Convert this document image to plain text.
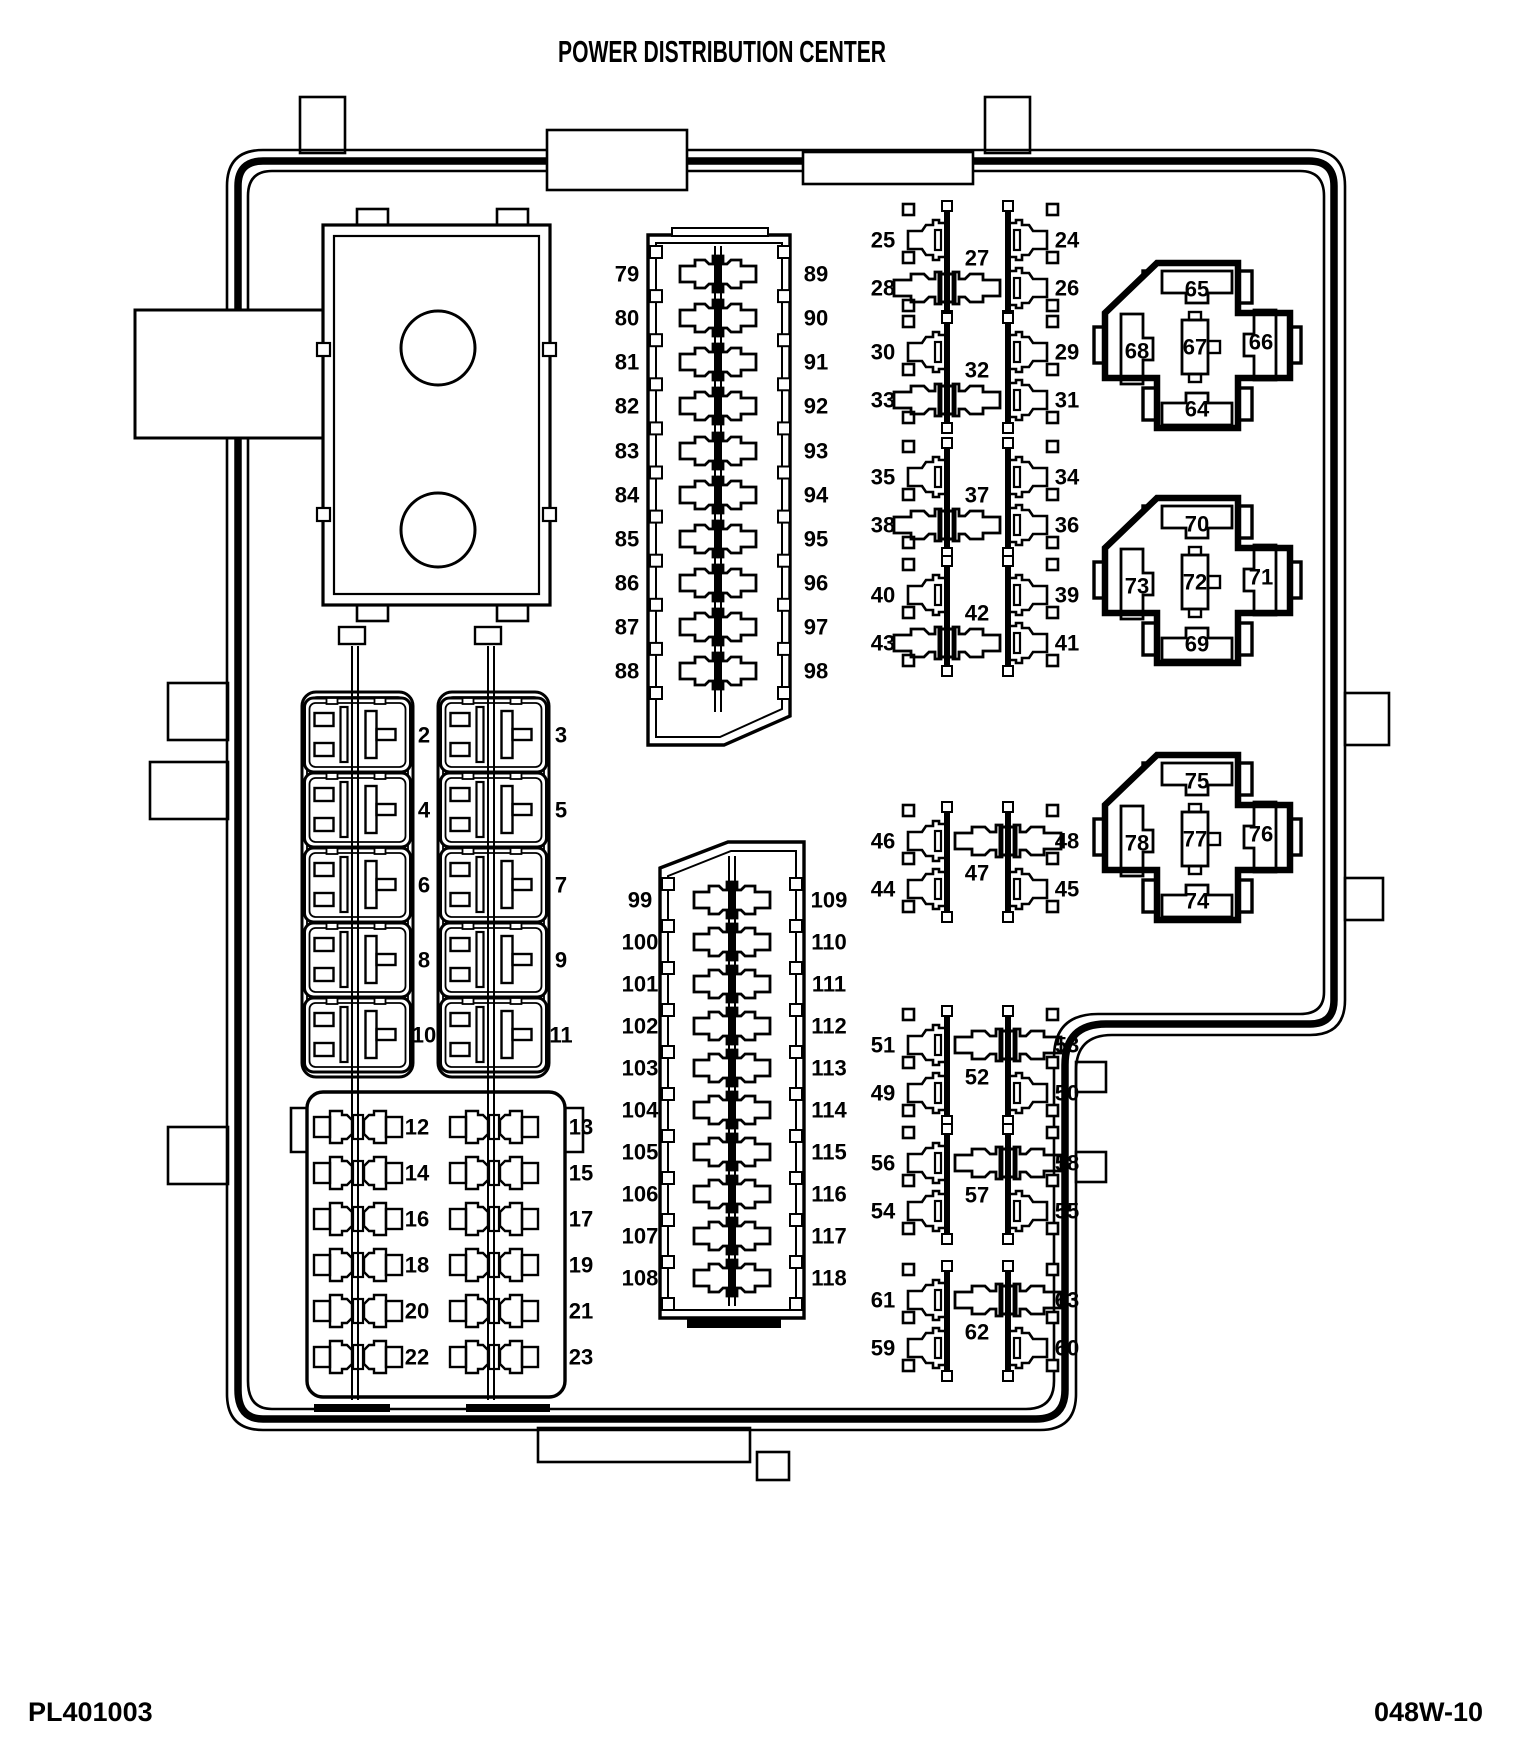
POWER DISTRIBUTION CENTER
79	89
80	90
81	91
82	92
83	93
84	94
85	95
86	96
87	97
88	98
99	109
100	110
101	111
102	112
103	113
104	114
105	115
106	116
107	117
108	118
2
4
6
8
10
3
5
7
9
11
12
14
16
18
20
22
13
15
17
19
21
23
27
25
28
24
26
32
30
33
29
31
37
35
38
34
36
42
40
43
39
41
47
46
44
48
45
52
51
49
53
50
57
56
54
58
55
62
61
59
63
60
65
64
68 67 66
70
69
73 72 71
75
74
78 77 76
PL401003	048W-10
